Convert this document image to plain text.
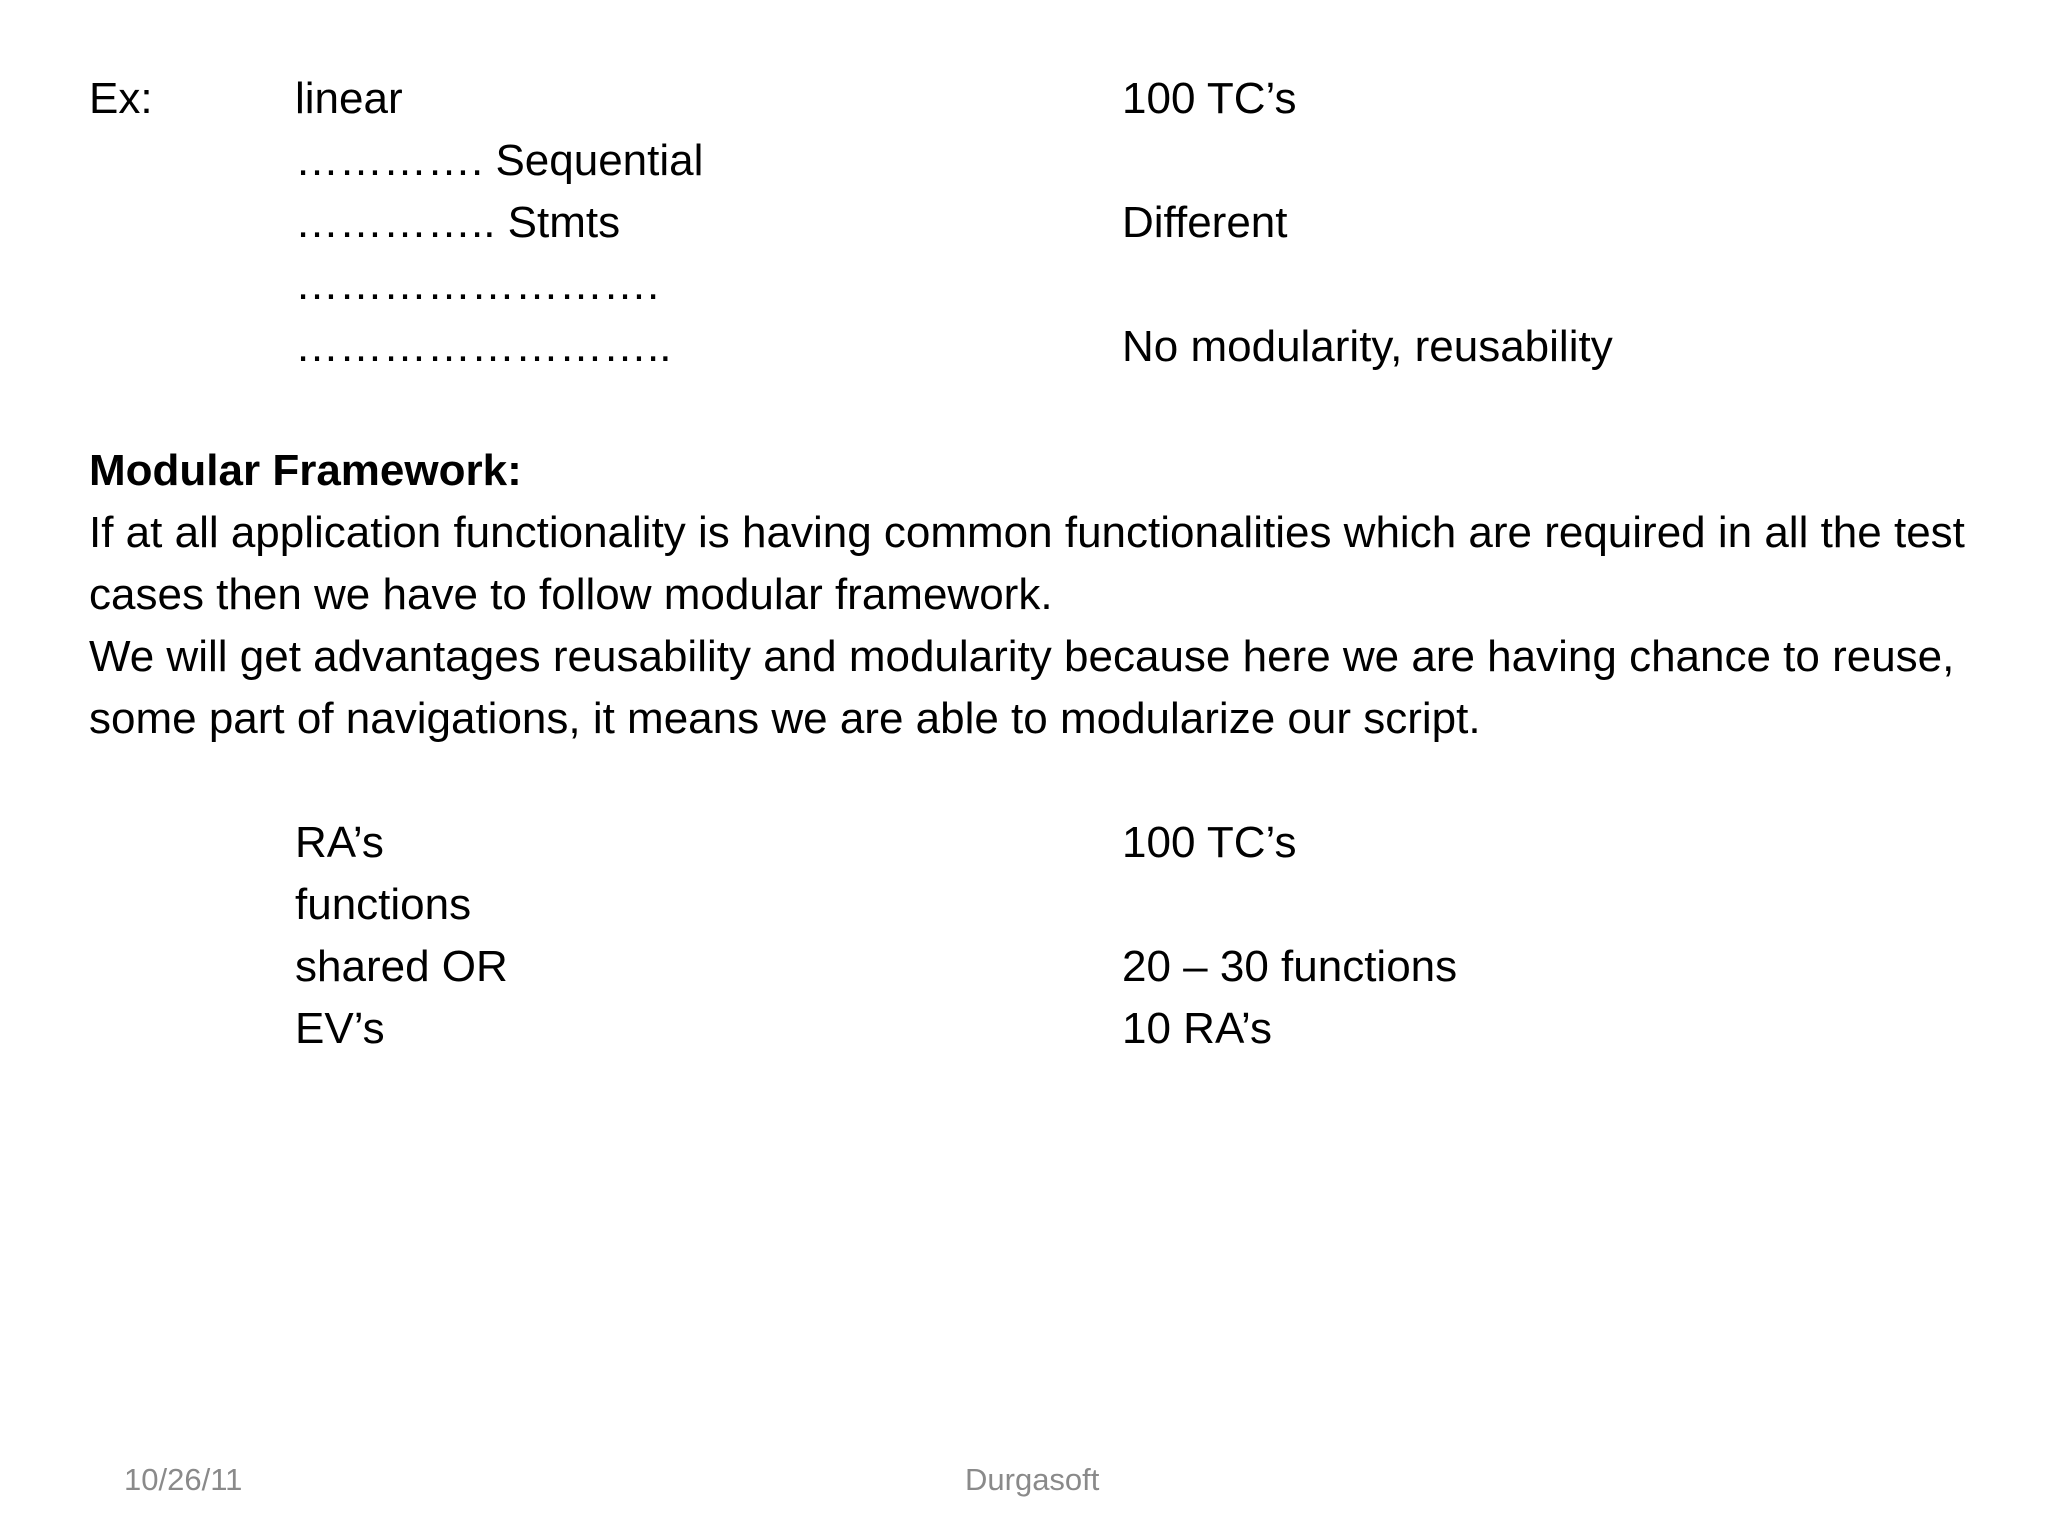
Ex:	linear
…………. Sequential
………….. Stmts
…………………….
……………………..
100 TC’s
Different
No modularity, reusability
Modular Framework:
If at all application functionality is having common functionalities which are required in all the test cases then we have to follow modular framework.
We will get advantages reusability and modularity because here we are having chance to reuse, some part of navigations, it means we are able to modularize our script.
RA’s
functions
shared OR
EV’s
100 TC’s
20 – 30 functions
10 RA’s
10/26/11	Durgasoft
